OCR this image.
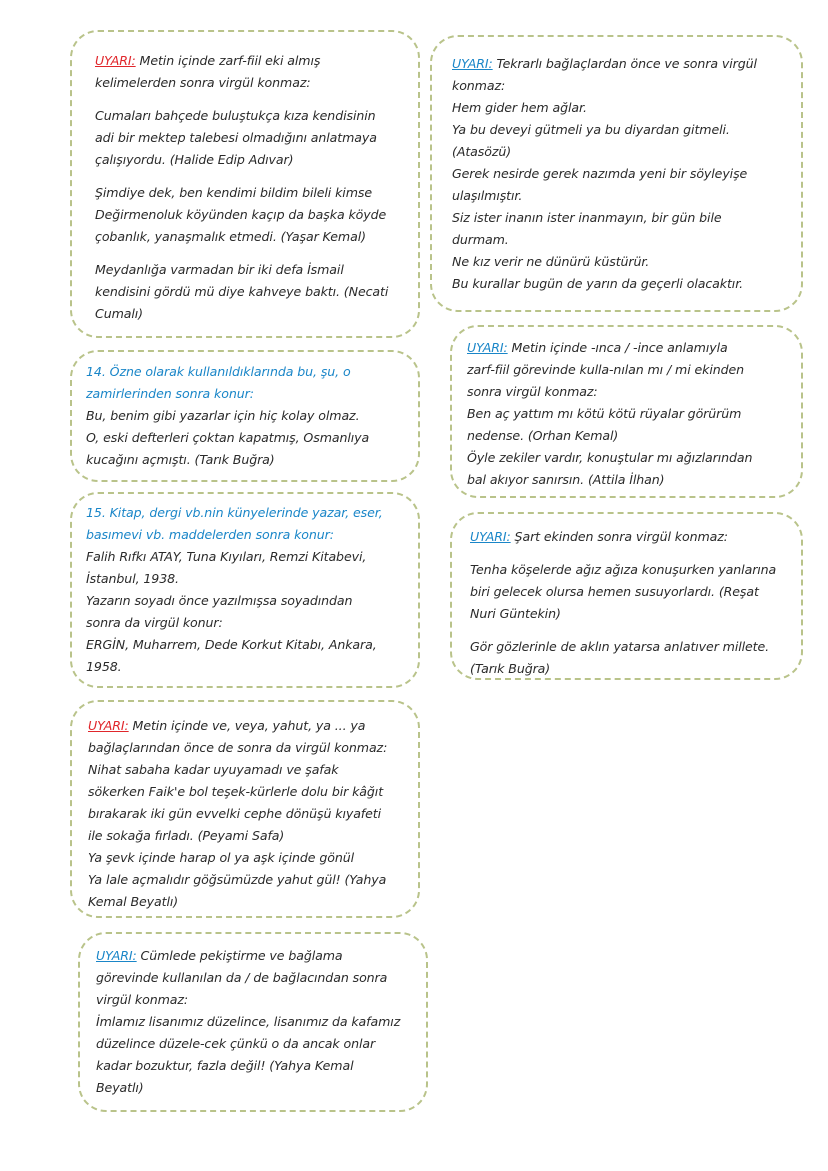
UYARI: Metin içinde zarf-fiil eki almış
kelimelerden sonra virgül konmaz:
Cumaları bahçede buluştukça kıza kendisinin
adi bir mektep talebesi olmadığını anlatmaya
çalışıyordu. (Halide Edip Adıvar)
Şimdiye dek, ben kendimi bildim bileli kimse
Değirmenoluk köyünden kaçıp da başka köyde
çobanlık, yanaşmalık etmedi. (Yaşar Kemal)
Meydanlığa varmadan bir iki defa İsmail
kendisini gördü mü diye kahveye baktı. (Necati
Cumalı)
UYARI: Tekrarlı bağlaçlardan önce ve sonra virgül
konmaz:
Hem gider hem ağlar.
Ya bu deveyi gütmeli ya bu diyardan gitmeli.
(Atasözü)
Gerek nesirde gerek nazımda yeni bir söyleyişe
ulaşılmıştır.
Siz ister inanın ister inanmayın, bir gün bile
durmam.
Ne kız verir ne dünürü küstürür.
Bu kurallar bugün de yarın da geçerli olacaktır.
14. Özne olarak kullanıldıklarında bu, şu, o
zamirlerinden sonra konur:
Bu, benim gibi yazarlar için hiç kolay olmaz.
O, eski defterleri çoktan kapatmış, Osmanlıya
kucağını açmıştı. (Tarık Buğra)
15. Kitap, dergi vb.nin künyelerinde yazar, eser,
basımevi vb. maddelerden sonra konur:
Falih Rıfkı ATAY, Tuna Kıyıları, Remzi Kitabevi,
İstanbul, 1938.
Yazarın soyadı önce yazılmışsa soyadından
sonra da virgül konur:
ERGİN, Muharrem, Dede Korkut Kitabı, Ankara,
1958.
UYARI: Metin içinde -ınca / -ince anlamıyla
zarf-fiil görevinde kulla-nılan mı / mi ekinden
sonra virgül konmaz:
Ben aç yattım mı kötü kötü rüyalar görürüm
nedense. (Orhan Kemal)
Öyle zekiler vardır, konuştular mı ağızlarından
bal akıyor sanırsın. (Attila İlhan)
UYARI: Şart ekinden sonra virgül konmaz:
Tenha köşelerde ağız ağıza konuşurken yanlarına
biri gelecek olursa hemen susuyorlardı. (Reşat
Nuri Güntekin)
Gör gözlerinle de aklın yatarsa anlatıver millete.
(Tarık Buğra)
UYARI: Metin içinde ve, veya, yahut, ya ... ya
bağlaçlarından önce de sonra da virgül konmaz:
Nihat sabaha kadar uyuyamadı ve şafak
sökerken Faik'e bol teşek-kürlerle dolu bir kâğıt
bırakarak iki gün evvelki cephe dönüşü kıyafeti
ile sokağa fırladı. (Peyami Safa)
Ya şevk içinde harap ol ya aşk içinde gönül
Ya lale açmalıdır göğsümüzde yahut gül! (Yahya
Kemal Beyatlı)
UYARI: Cümlede pekiştirme ve bağlama
görevinde kullanılan da / de bağlacından sonra
virgül konmaz:
İmlamız lisanımız düzelince, lisanımız da kafamız
düzelince düzele-cek çünkü o da ancak onlar
kadar bozuktur, fazla değil! (Yahya Kemal
Beyatlı)
